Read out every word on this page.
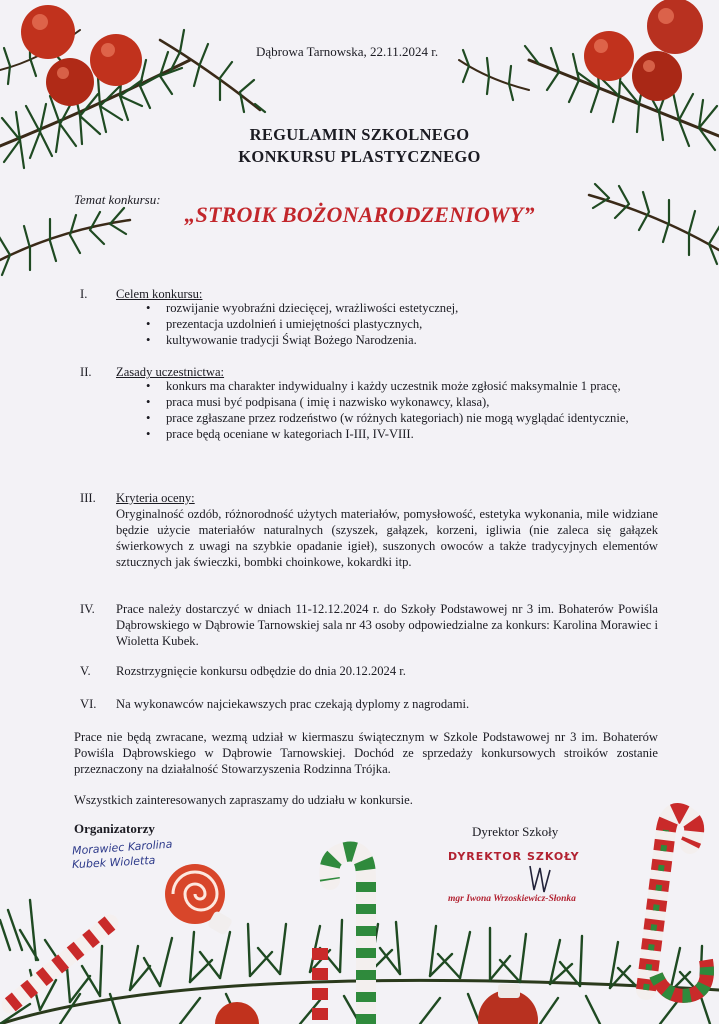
Dąbrowa Tarnowska, 22.11.2024 r.
REGULAMIN SZKOLNEGO
KONKURSU PLASTYCZNEGO
Temat konkursu:
„STROIK BOŻONARODZENIOWY”
I. Celem konkursu:
• rozwijanie wyobraźni dziecięcej, wrażliwości estetycznej,
• prezentacja uzdolnień i umiejętności plastycznych,
• kultywowanie tradycji Świąt Bożego Narodzenia.
II. Zasady uczestnictwa:
• konkurs ma charakter indywidualny i każdy uczestnik może zgłosić maksymalnie 1 pracę,
• praca musi być podpisana ( imię i nazwisko wykonawcy, klasa),
• prace zgłaszane przez rodzeństwo (w różnych kategoriach) nie mogą wyglądać identycznie,
• prace będą oceniane w kategoriach I-III, IV-VIII.
III. Kryteria oceny:
Oryginalność ozdób, różnorodność użytych materiałów, pomysłowość, estetyka wykonania, mile widziane będzie użycie materiałów naturalnych (szyszek, gałązek, korzeni, igliwia (nie zaleca się gałązek świerkowych z uwagi na szybkie opadanie igieł), suszonych owoców a także tradycyjnych elementów sztucznych jak świeczki, bombki choinkowe, kokardki itp.
IV. Prace należy dostarczyć w dniach 11-12.12.2024 r. do Szkoły Podstawowej nr 3 im. Bohaterów Powiśla Dąbrowskiego w Dąbrowie Tarnowskiej sala nr 43 osoby odpowiedzialne za konkurs: Karolina Morawiec i Wioletta Kubek.
V. Rozstrzygnięcie konkursu odbędzie do dnia 20.12.2024 r.
VI. Na wykonawców najciekawszych prac czekają dyplomy z nagrodami.
Prace nie będą zwracane, wezmą udział w kiermaszu świątecznym w Szkole Podstawowej nr 3 im. Bohaterów Powiśla Dąbrowskiego w Dąbrowie Tarnowskiej. Dochód ze sprzedaży konkursowych stroików zostanie przeznaczony na działalność Stowarzyszenia Rodzinna Trójka.
Wszystkich zainteresowanych zapraszamy do udziału w konkursie.
Organizatorzy
Morawiec Karolina
Kubek Wioletta
Dyrektor Szkoły
DYREKTOR SZKOŁY
mgr Iwona Wrzoskiewicz-Słonka
